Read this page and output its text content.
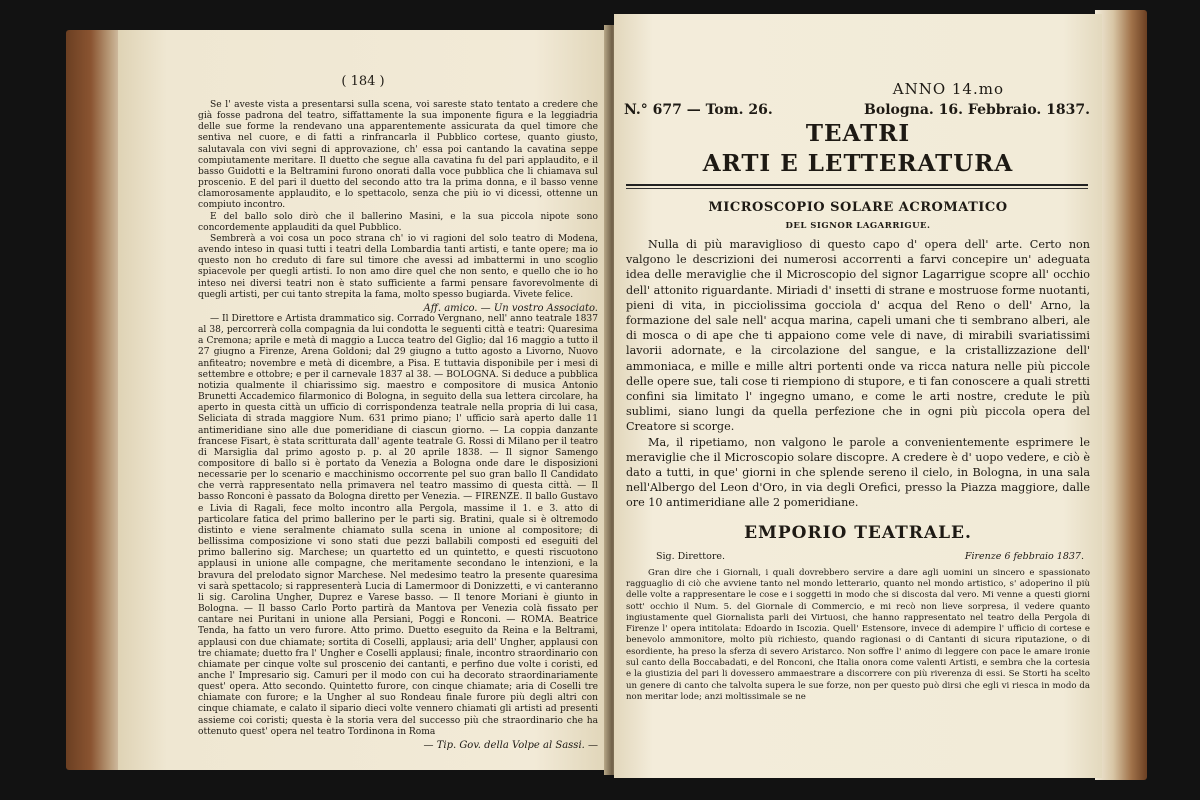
( 184 )

Se l' aveste vista a presentarsi sulla scena, voi sareste stato tentato a credere che già fosse padrona del teatro, siffattamente la sua imponente figura e la leggiadria delle sue forme la rendevano una apparentemente assicurata da quel timore che sentiva nel cuore, e di fatti a rinfrancarla il Pubblico cortese, quanto giusto, salutavala con vivi segni di approvazione, ch' essa poi cantando la cavatina seppe compiutamente meritare. Il duetto che segue alla cavatina fu del pari applaudito, e il basso Guidotti e la Beltramini furono onorati dalla voce pubblica che li chiamava sul proscenio. E del pari il duetto del secondo atto tra la prima donna, e il basso venne clamorosamente applaudito, e lo spettacolo, senza che più io vi dicessi, ottenne un compiuto incontro.

E del ballo solo dirò che il ballerino Masini, e la sua piccola nipote sono concordemente applauditi da quel Pubblico.

Sembrerà a voi cosa un poco strana ch' io vi ragioni del solo teatro di Modena, avendo inteso in quasi tutti i teatri della Lombardia tanti artisti, e tante opere; ma io questo non ho creduto di fare sul timore che avessi ad imbattermi in uno scoglio spiacevole per quegli artisti. Io non amo dire quel che non sento, e quello che io ho inteso nei diversi teatri non è stato sufficiente a farmi pensare favorevolmente di quegli artisti, per cui tanto strepita la fama, molto spesso bugiarda. Vivete felice.

Aff. amico. — Un vostro Associato.

— Il Direttore e Artista drammatico sig. Corrado Vergnano, nell' anno teatrale 1837 al 38, percorrerà colla compagnia da lui condotta le seguenti città e teatri: Quaresima a Cremona; aprile e metà di maggio a Lucca teatro del Giglio; dal 16 maggio a tutto il 27 giugno a Firenze, Arena Goldoni; dal 29 giugno a tutto agosto a Livorno, Nuovo anfiteatro; novembre e metà di dicembre, a Pisa. E tuttavia disponibile per i mesi di settembre e ottobre; e per il carnevale 1837 al 38. — BOLOGNA. Si deduce a pubblica notizia qualmente il chiarissimo sig. maestro e compositore di musica Antonio Brunetti Accademico filarmonico di Bologna, in seguito della sua lettera circolare, ha aperto in questa città un ufficio di corrispondenza teatrale nella propria di lui casa, Seliciata di strada maggiore Num. 631 primo piano; l' ufficio sarà aperto dalle 11 antimeridiane sino alle due pomeridiane di ciascun giorno. — La coppia danzante francese Fisart, è stata scritturata dall' agente teatrale G. Rossi di Milano per il teatro di Marsiglia dal primo agosto p. p. al 20 aprile 1838. — Il signor Samengo compositore di ballo si è portato da Venezia a Bologna onde dare le disposizioni necessarie per lo scenario e macchinismo occorrente pel suo gran ballo Il Candidato che verrà rappresentato nella primavera nel teatro massimo di questa città. — Il basso Ronconi è passato da Bologna diretto per Venezia. — FIRENZE. Il ballo Gustavo e Livia di Ragali, fece molto incontro alla Pergola, massime il 1. e 3. atto di particolare fatica del primo ballerino per le parti sig. Bratini, quale si è oltremodo distinto e viene seralmente chiamato sulla scena in unione al compositore; di bellissima composizione vi sono stati due pezzi ballabili composti ed eseguiti del primo ballerino sig. Marchese; un quartetto ed un quintetto, e questi riscuotono applausi in unione alle compagne, che meritamente secondano le intenzioni, e la bravura del prelodato signor Marchese. Nel medesimo teatro la presente quaresima vi sarà spettacolo; si rappresenterà Lucia di Lamermoor di Donizzetti, e vi canteranno li sig. Carolina Ungher, Duprez e Varese basso. — Il tenore Moriani è giunto in Bologna. — Il basso Carlo Porto partirà da Mantova per Venezia colà fissato per cantare nei Puritani in unione alla Persiani, Poggi e Ronconi. — ROMA. Beatrice Tenda, ha fatto un vero furore. Atto primo. Duetto eseguito da Reina e la Beltrami, applausi con due chiamate; sortita di Coselli, applausi; aria dell' Ungher, applausi con tre chiamate; duetto fra l' Ungher e Coselli applausi; finale, incontro straordinario con chiamate per cinque volte sul proscenio dei cantanti, e perfino due volte i coristi, ed anche l' Impresario sig. Camuri per il modo con cui ha decorato straordinariamente quest' opera. Atto secondo. Quintetto furore, con cinque chiamate; aria di Coselli tre chiamate con furore; e la Ungher al suo Rondeau finale furore più degli altri con cinque chiamate, e calato il sipario dieci volte vennero chiamati gli artisti ad presenti assieme coi coristi; questa è la storia vera del successo più che straordinario che ha ottenuto quest' opera nel teatro Tordinona in Roma

— Tip. Gov. della Volpe al Sassi. —
ANNO 14.mo
N.° 677 — Tom. 26.	Bologna. 16. Febbraio. 1837.
TEATRI
ARTI E LETTERATURA
MICROSCOPIO SOLARE ACROMATICO
DEL SIGNOR LAGARRIGUE.

Nulla di più maraviglioso di questo capo d' opera dell' arte. Certo non valgono le descrizioni dei numerosi accorrenti a farvi concepire un' adeguata idea delle meraviglie che il Microscopio del signor Lagarrigue scopre all' occhio dell' attonito riguardante. Miriadi d' insetti di strane e mostruose forme nuotanti, pieni di vita, in picciolissima gocciola d' acqua del Reno o dell' Arno, la formazione del sale nell' acqua marina, capeli umani che ti sembrano alberi, ale di mosca o di ape che ti appaiono come vele di nave, di mirabili svariatissimi lavorii adornate, e la circolazione del sangue, e la cristallizzazione dell' ammoniaca, e mille e mille altri portenti onde va ricca natura nelle più piccole delle opere sue, tali cose ti riempiono di stupore, e ti fan conoscere a quali stretti confini sia limitato l' ingegno umano, e come le arti nostre, credute le più sublimi, siano lungi da quella perfezione che in ogni più piccola opera del Creatore si scorge.

Ma, il ripetiamo, non valgono le parole a convenientemente esprimere le meraviglie che il Microscopio solare discopre. A credere è d' uopo vedere, e ciò è dato a tutti, in que' giorni in che splende sereno il cielo, in Bologna, in una sala nell'Albergo del Leon d'Oro, in via degli Orefici, presso la Piazza maggiore, dalle ore 10 antimeridiane alle 2 pomeridiane.

EMPORIO TEATRALE.
Sig. Direttore.	Firenze 6 febbraio 1837.

Gran dire che i Giornali, i quali dovrebbero servire a dare agli uomini un sincero e spassionato ragguaglio di ciò che avviene tanto nel mondo letterario, quanto nel mondo artistico, s' adoperino il più delle volte a rappresentare le cose e i soggetti in modo che si discosta dal vero. Mi venne a questi giorni sott' occhio il Num. 5. del Giornale di Commercio, e mi recò non lieve sorpresa, il vedere quanto ingiustamente quel Giornalista parli dei Virtuosi, che hanno rappresentato nel teatro della Pergola di Firenze l' opera intitolata: Edoardo in Iscozia. Quell' Estensore, invece di adempire l' ufficio di cortese e benevolo ammonitore, molto più richiesto, quando ragionasi o di Cantanti di sicura riputazione, o di esordiente, ha preso la sferza di severo Aristarco. Non soffre l' animo di leggere con pace le amare ironie sul canto della Boccabadati, e del Ronconi, che Italia onora come valenti Artisti, e sembra che la cortesia e la giustizia del pari li dovessero ammaestrare a discorrere con più riverenza di essi. Se Storti ha scelto un genere di canto che talvolta supera le sue forze, non per questo può dirsi che egli vi riesca in modo da non meritar lode; anzi moltissimale se ne
